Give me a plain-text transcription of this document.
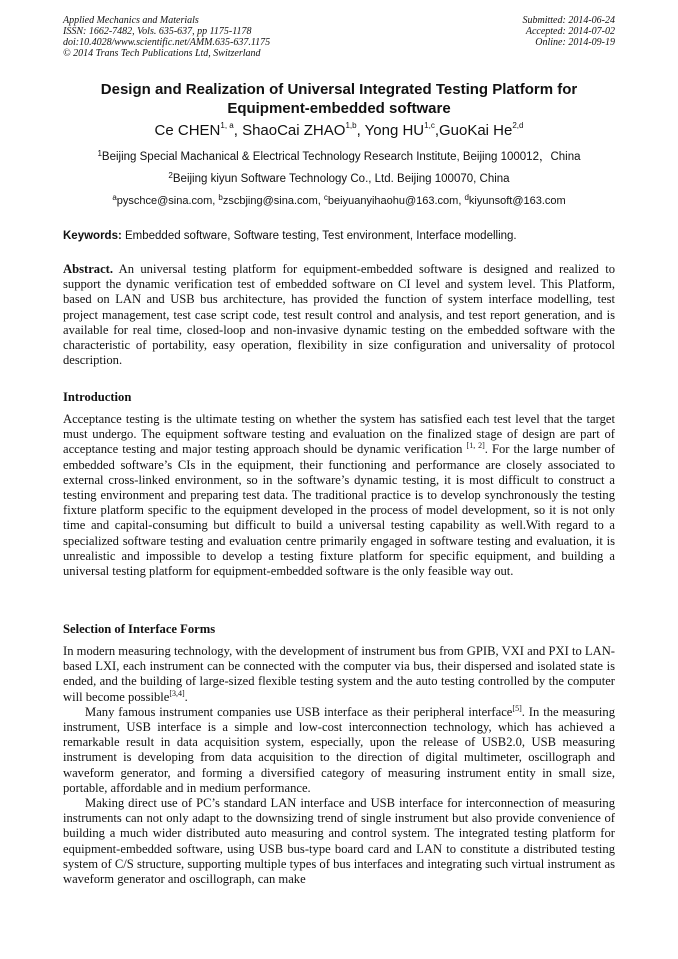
Applied Mechanics and Materials
ISSN: 1662-7482, Vols. 635-637, pp 1175-1178
doi:10.4028/www.scientific.net/AMM.635-637.1175
© 2014 Trans Tech Publications Ltd, Switzerland
Submitted: 2014-06-24
Accepted: 2014-07-02
Online: 2014-09-19
Design and Realization of Universal Integrated Testing Platform for Equipment-embedded software
Ce CHEN$^{1, a}$, ShaoCai ZHAO$^{1,b}$, Yong HU$^{1,c}$,GuoKai He$^{2,d}$
$^1$Beijing Special Machanical & Electrical Technology Research Institute, Beijing 100012，China
$^2$Beijing kiyun Software Technology Co., Ltd. Beijing 100070, China
$^a$pyschce@sina.com, $^b$zscbjing@sina.com, $^c$beiyuanyihaohu@163.com, $^d$kiyunsoft@163.com
Keywords: Embedded software, Software testing, Test environment, Interface modelling.

Abstract. An universal testing platform for equipment-embedded software is designed and realized to support the dynamic verification test of embedded software on CI level and system level. This Platform, based on LAN and USB bus architecture, has provided the function of system interface modelling, test project management, test case script code, test result control and analysis, and test report generation, and is available for real time, closed-loop and non-invasive dynamic testing on the embedded software with the characteristic of portability, easy operation, flexibility in size configuration and universality of protocol description.

Introduction

Acceptance testing is the ultimate testing on whether the system has satisfied each test level that the target must undergo. The equipment software testing and evaluation on the finalized stage of design are part of acceptance testing and major testing approach should be dynamic verification [1, 2]. For the large number of embedded software’s CIs in the equipment, their functioning and performance are closely associated to external cross-linked environment, so in the software’s dynamic testing, it is most difficult to construct a testing environment and preparing test data. The traditional practice is to develop synchronously the testing fixture platform specific to the equipment developed in the process of model development, so it is not only time and capital-consuming but difficult to build a universal testing capability as well.With regard to a specialized software testing and evaluation centre primarily engaged in software testing and evaluation, it is unrealistic and impossible to develop a testing fixture platform for specific equipment, and building a universal testing platform for equipment-embedded software is the only feasible way out.

Selection of Interface Forms

In modern measuring technology, with the development of instrument bus from GPIB, VXI and PXI to LAN-based LXI, each instrument can be connected with the computer via bus, their dispersed and isolated state is ended, and the building of large-sized flexible testing system and the auto testing controlled by the computer will become possible[3,4].

Many famous instrument companies use USB interface as their peripheral interface[5]. In the measuring instrument, USB interface is a simple and low-cost interconnection technology, which has achieved a remarkable result in data acquisition system, especially, upon the release of USB2.0, USB measuring instrument is developing from data acquisition to the direction of digital multimeter, oscillograph and waveform generator, and forming a diversified category of measuring instrument entity in small size, portable, affordable and in medium performance.

Making direct use of PC’s standard LAN interface and USB interface for interconnection of measuring instruments can not only adapt to the downsizing trend of single instrument but also provide convenience of building a much wider distributed auto measuring and control system. The integrated testing platform for equipment-embedded software, using USB bus-type board card and LAN to constitute a distributed testing system of C/S structure, supporting multiple types of bus interfaces and integrating such virtual instrument as waveform generator and oscillograph, can make
